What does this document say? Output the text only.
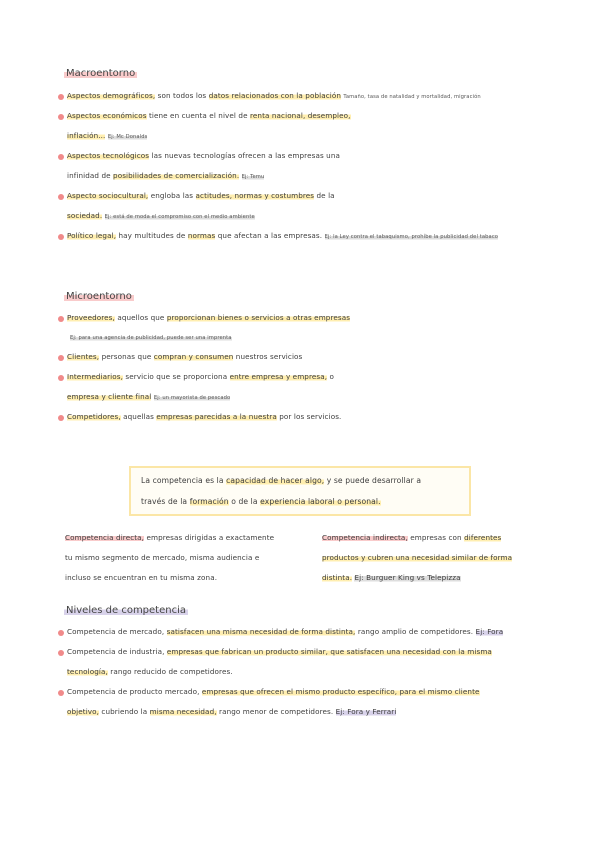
Macroentorno
Aspectos demográficos, son todos los datos relacionados con la población Tamaño, tasa de natalidad y mortalidad, migración
Aspectos económicos tiene en cuenta el nivel de renta nacional, desempleo,
inflación... Ej: Mc Donalds
Aspectos tecnológicos las nuevas tecnologías ofrecen a las empresas una
infinidad de posibilidades de comercialización. Ej: Temu
Aspecto sociocultural, engloba las actitudes, normas y costumbres de la
sociedad. Ej: está de moda el compromiso con el medio ambiente
Político legal, hay multitudes de normas que afectan a las empresas. Ej: la Ley contra el tabaquismo, prohíbe la publicidad del tabaco
Microentorno
Proveedores, aquellos que proporcionan bienes o servicios a otras empresas
Ej: para una agencia de publicidad, puede ser una imprenta
Clientes, personas que compran y consumen nuestros servicios
Intermediarios, servicio que se proporciona entre empresa y empresa, o
empresa y cliente final Ej: un mayorista de pescado
Competidores, aquellas empresas parecidas a la nuestra por los servicios.
La competencia es la capacidad de hacer algo, y se puede desarrollar a
través de la formación o de la experiencia laboral o personal.
Competencia directa, empresas dirigidas a exactamente
tu mismo segmento de mercado, misma audiencia e
incluso se encuentran en tu misma zona.
Competencia indirecta, empresas con diferentes
productos y cubren una necesidad similar de forma
distinta. Ej: Burguer King vs Telepizza
Niveles de competencia
Competencia de mercado, satisfacen una misma necesidad de forma distinta, rango amplio de competidores. Ej: Fora
Competencia de industria, empresas que fabrican un producto similar, que satisfacen una necesidad con la misma
tecnología, rango reducido de competidores.
Competencia de producto mercado, empresas que ofrecen el mismo producto específico, para el mismo cliente
objetivo, cubriendo la misma necesidad, rango menor de competidores. Ej: Fora y Ferrari
